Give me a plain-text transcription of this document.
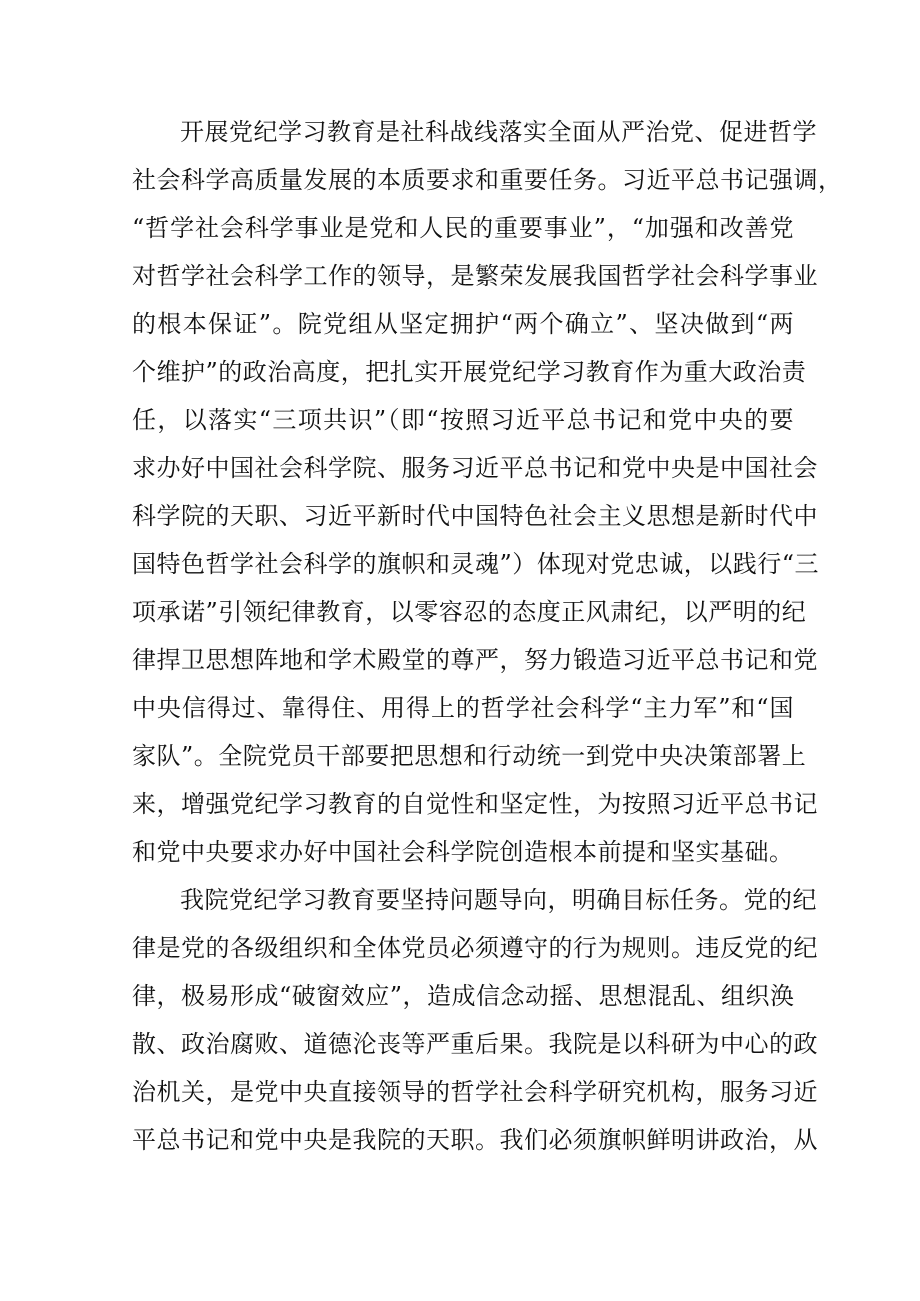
开展党纪学习教育是社科战线落实全面从严治党、促进哲学
社会科学高质量发展的本质要求和重要任务。习近平总书记强调，
“哲学社会科学事业是党和人民的重要事业”，“加强和改善党
对哲学社会科学工作的领导，是繁荣发展我国哲学社会科学事业
的根本保证”。院党组从坚定拥护“两个确立”、坚决做到“两
个维护”的政治高度，把扎实开展党纪学习教育作为重大政治责
任，以落实“三项共识”（即“按照习近平总书记和党中央的要
求办好中国社会科学院、服务习近平总书记和党中央是中国社会
科学院的天职、习近平新时代中国特色社会主义思想是新时代中
国特色哲学社会科学的旗帜和灵魂”）体现对党忠诚，以践行“三
项承诺”引领纪律教育，以零容忍的态度正风肃纪，以严明的纪
律捍卫思想阵地和学术殿堂的尊严，努力锻造习近平总书记和党
中央信得过、靠得住、用得上的哲学社会科学“主力军”和“国
家队”。全院党员干部要把思想和行动统一到党中央决策部署上
来，增强党纪学习教育的自觉性和坚定性，为按照习近平总书记
和党中央要求办好中国社会科学院创造根本前提和坚实基础。
我院党纪学习教育要坚持问题导向，明确目标任务。党的纪
律是党的各级组织和全体党员必须遵守的行为规则。违反党的纪
律，极易形成“破窗效应”，造成信念动摇、思想混乱、组织涣
散、政治腐败、道德沦丧等严重后果。我院是以科研为中心的政
治机关，是党中央直接领导的哲学社会科学研究机构，服务习近
平总书记和党中央是我院的天职。我们必须旗帜鲜明讲政治，从
